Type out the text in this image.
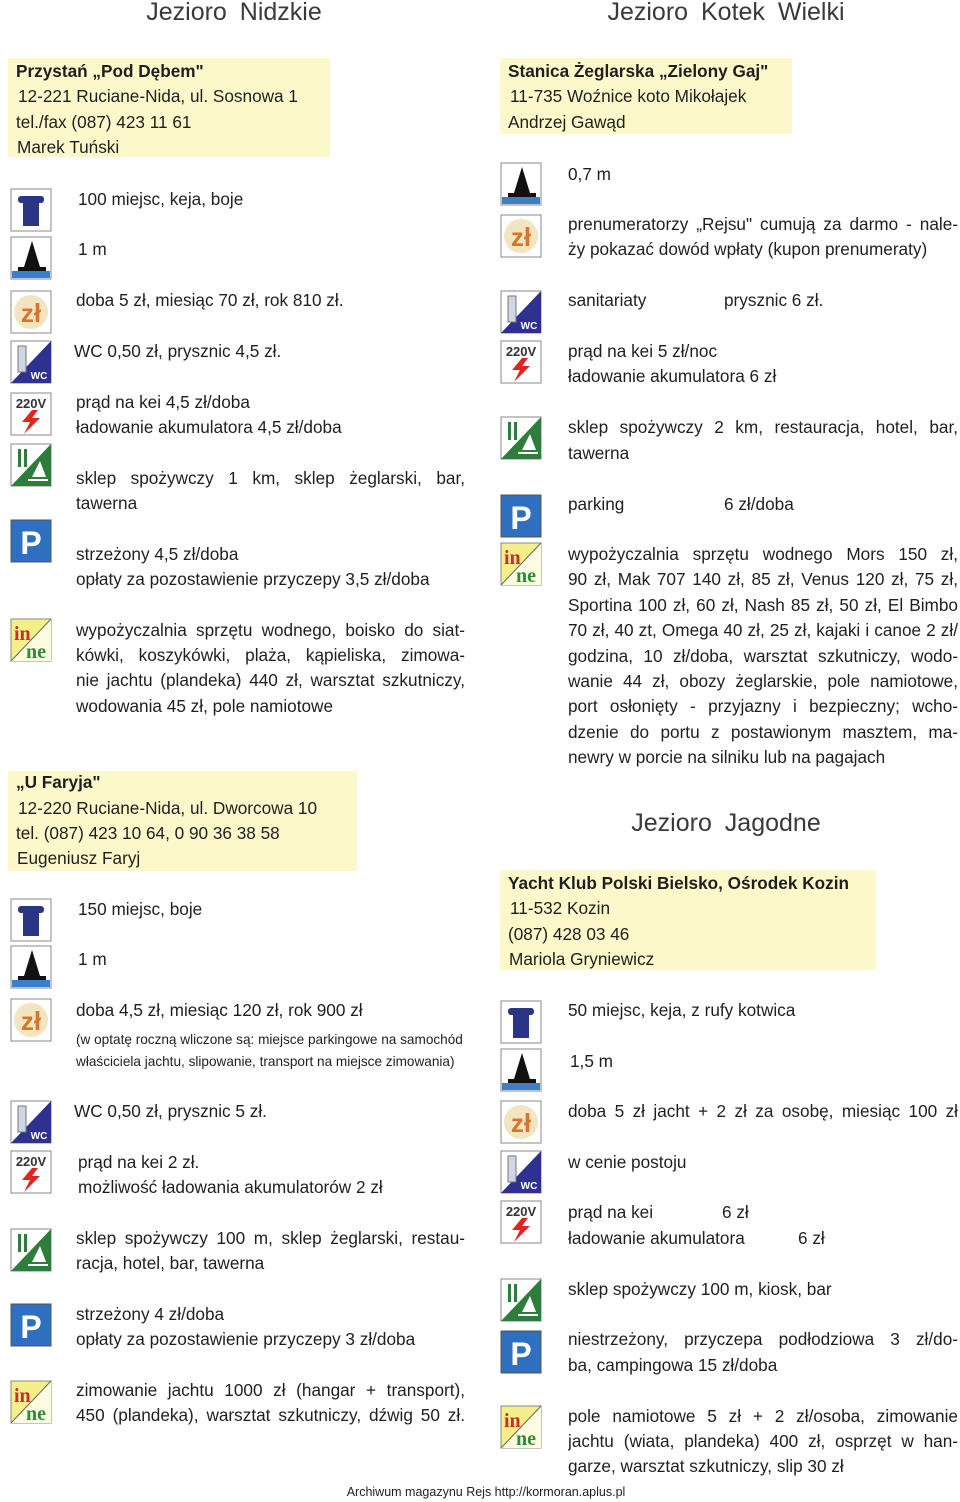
Jezioro Nidzkie	Jezioro Kotek Wielki
Jezioro Jagodne
Archiwum magazynu Rejs http://kormoran.aplus.pl
Przystań „Pod Dębem"
12-221 Ruciane-Nida, ul. Sosnowa 1
tel./fax (087) 423 11 61
Marek Tuński
zł
WC
220V
P
in
ne
100 miejsc, keja, boje
1 m
doba 5 zł, miesiąc 70 zł, rok 810 zł.
WC 0,50 zł, prysznic 4,5 zł.
prąd na kei 4,5 zł/doba
ładowanie akumulatora 4,5 zł/doba
sklep spożywczy 1 km, sklep żeglarski, bar,
tawerna
strzeżony 4,5 zł/doba
opłaty za pozostawienie przyczepy 3,5 zł/doba
wypożyczalnia sprzętu wodnego, boisko do siat-
kówki, koszykówki, plaża, kąpieliska, zimowa-
nie jachtu (plandeka) 440 zł, warsztat szkutniczy,
wodowania 45 zł, pole namiotowe
„U Faryja"
12-220 Ruciane-Nida, ul. Dworcowa 10
tel. (087) 423 10 64, 0 90 36 38 58
Eugeniusz Faryj
zł
WC
220V
P
in
ne
150 miejsc, boje
1 m
doba 4,5 zł, miesiąc 120 zł, rok 900 zł
(w optatę roczną wliczone są: miejsce parkingowe na samochód
właściciela jachtu, slipowanie, transport na miejsce zimowania)
WC 0,50 zł, prysznic 5 zł.
prąd na kei 2 zł.
możliwość ładowania akumulatorów 2 zł
sklep spożywczy 100 m, sklep żeglarski, restau-
racja, hotel, bar, tawerna
strzeżony 4 zł/doba
opłaty za pozostawienie przyczepy 3 zł/doba
zimowanie jachtu 1000 zł (hangar + transport),
450 (plandeka), warsztat szkutniczy, dźwig 50 zł.
Stanica Żeglarska „Zielony Gaj"
11-735 Woźnice koto Mikołajek
Andrzej Gawąd
zł
WC
220V
P
in
ne
0,7 m
prenumeratorzy „Rejsu" cumują za darmo - nale-
ży pokazać dowód wpłaty (kupon prenumeraty)
sanitariaty	prysznic 6 zł.
prąd na kei 5 zł/noc
ładowanie akumulatora 6 zł
sklep spożywczy 2 km, restauracja, hotel, bar,
tawerna
parking	6 zł/doba
wypożyczalnia sprzętu wodnego Mors 150 zł,
90 zł, Mak 707 140 zł, 85 zł, Venus 120 zł, 75 zł,
Sportina 100 zł, 60 zł, Nash 85 zł, 50 zł, El Bimbo
70 zł, 40 zt, Omega 40 zł, 25 zł, kajaki i canoe 2 zł/
godzina, 10 zł/doba, warsztat szkutniczy, wodo-
wanie 44 zł, obozy żeglarskie, pole namiotowe,
port osłonięty - przyjazny i bezpieczny; wcho-
dzenie do portu z postawionym masztem, ma-
newry w porcie na silniku lub na pagajach
Yacht Klub Polski Bielsko, Ośrodek Kozin
11-532 Kozin
(087) 428 03 46
Mariola Gryniewicz
zł
WC
220V
P
in
ne
50 miejsc, keja, z rufy kotwica
1,5 m
doba 5 zł jacht + 2 zł za osobę, miesiąc 100 zł
w cenie postoju
prąd na kei	6 zł
ładowanie akumulatora	6 zł
sklep spożywczy 100 m, kiosk, bar
niestrzeżony, przyczepa podłodziowa 3 zł/do-
ba, campingowa 15 zł/doba
pole namiotowe 5 zł + 2 zł/osoba, zimowanie
jachtu (wiata, plandeka) 400 zł, osprzęt w han-
garze, warsztat szkutniczy, slip 30 zł
